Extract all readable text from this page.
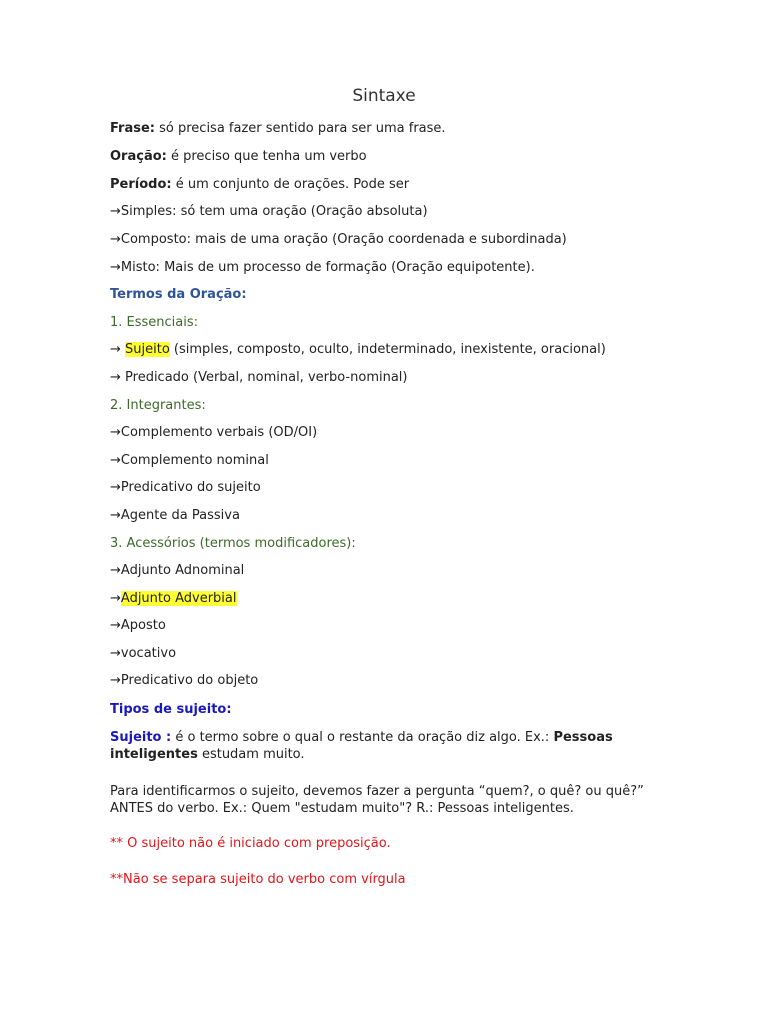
Sintaxe
Frase: só precisa fazer sentido para ser uma frase.
Oração: é preciso que tenha um verbo
Período: é um conjunto de orações. Pode ser
→Simples: só tem uma oração (Oração absoluta)
→Composto: mais de uma oração (Oração coordenada e subordinada)
→Misto: Mais de um processo de formação (Oração equipotente).
Termos da Oração:
1. Essenciais:
→ Sujeito (simples, composto, oculto, indeterminado, inexistente, oracional)
→ Predicado (Verbal, nominal, verbo-nominal)
2. Integrantes:
→Complemento verbais (OD/OI)
→Complemento nominal
→Predicativo do sujeito
→Agente da Passiva
3. Acessórios (termos modificadores):
→Adjunto Adnominal
→Adjunto Adverbial
→Aposto
→vocativo
→Predicativo do objeto
Tipos de sujeito:
Sujeito : é o termo sobre o qual o restante da oração diz algo. Ex.: Pessoas inteligentes estudam muito.
Para identificarmos o sujeito, devemos fazer a pergunta “quem?, o quê? ou quê?” ANTES do verbo. Ex.: Quem "estudam muito"? R.: Pessoas inteligentes.
** O sujeito não é iniciado com preposição.
**Não se separa sujeito do verbo com vírgula
